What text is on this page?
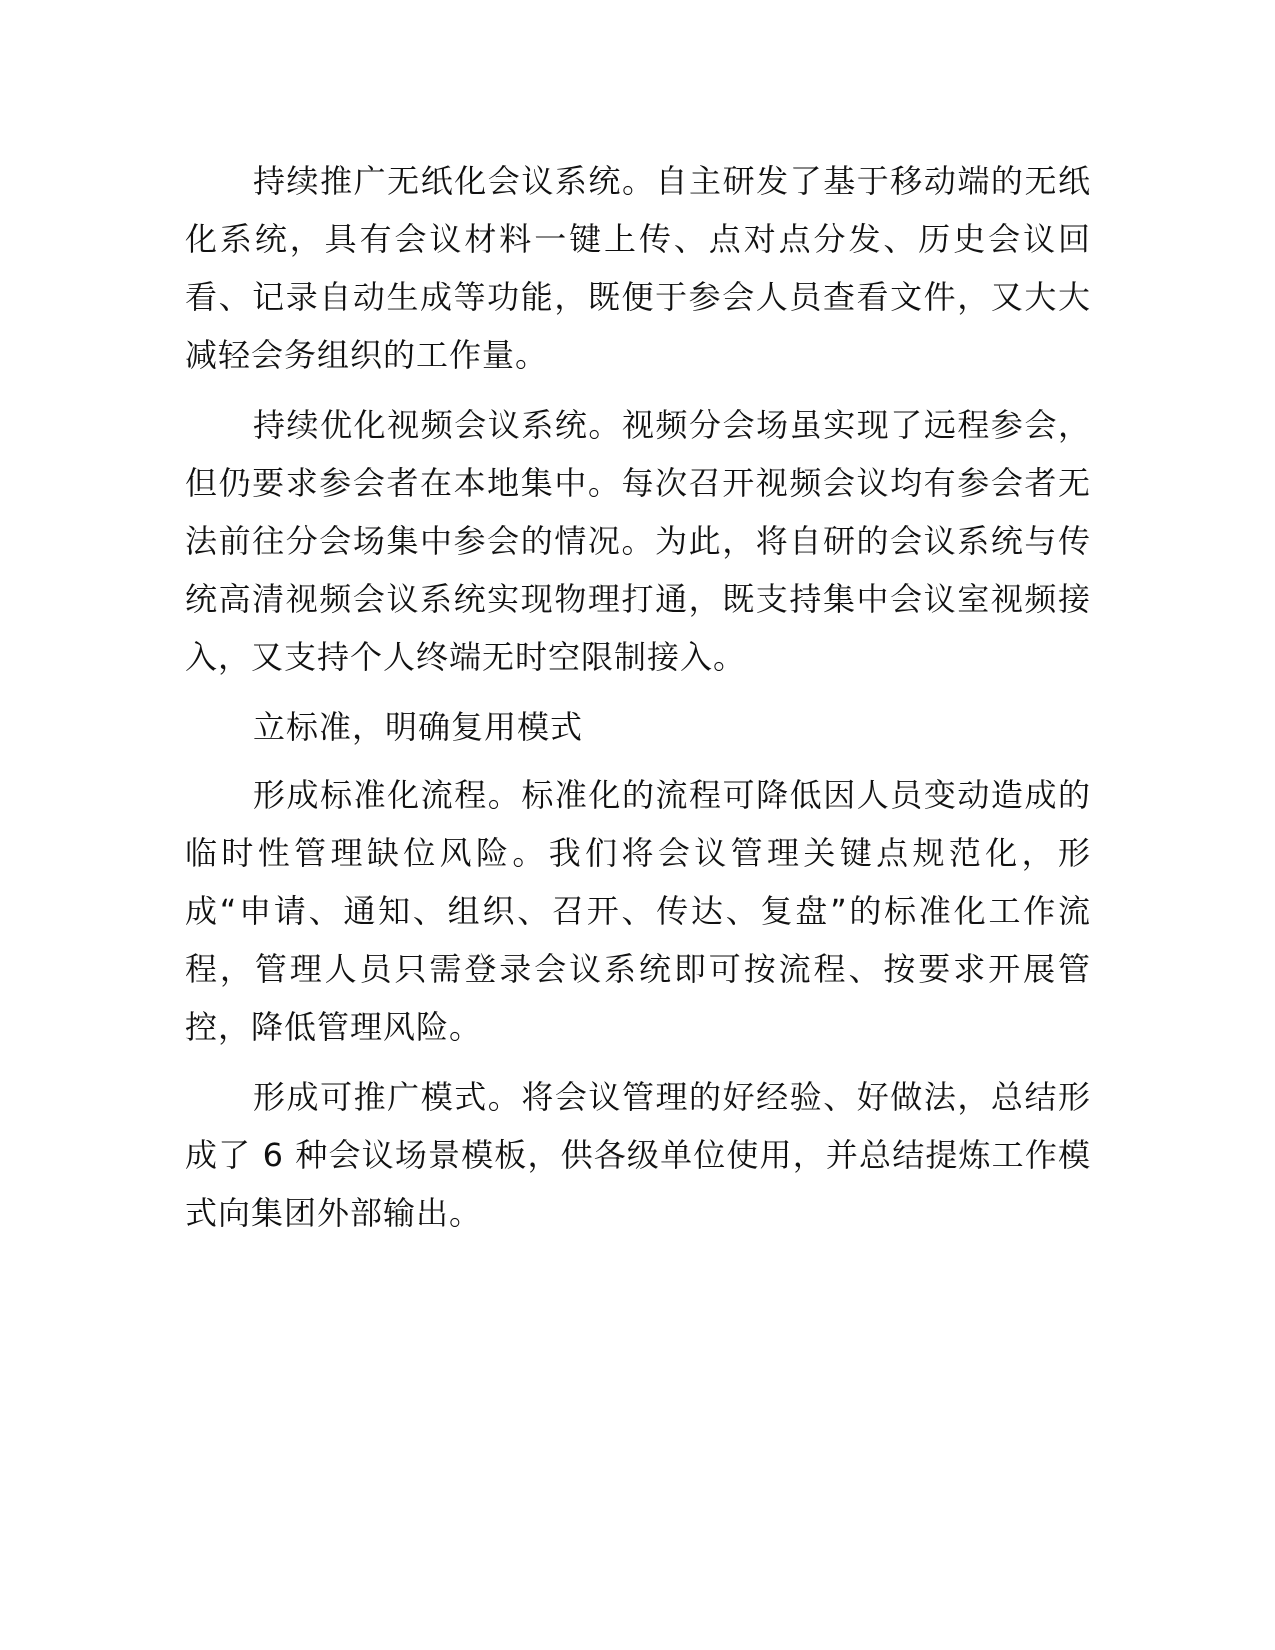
持续推广无纸化会议系统。自主研发了基于移动端的无纸化系统，具有会议材料一键上传、点对点分发、历史会议回看、记录自动生成等功能，既便于参会人员查看文件，又大大减轻会务组织的工作量。

持续优化视频会议系统。视频分会场虽实现了远程参会，但仍要求参会者在本地集中。每次召开视频会议均有参会者无法前往分会场集中参会的情况。为此，将自研的会议系统与传统高清视频会议系统实现物理打通，既支持集中会议室视频接入，又支持个人终端无时空限制接入。

立标准，明确复用模式

形成标准化流程。标准化的流程可降低因人员变动造成的临时性管理缺位风险。我们将会议管理关键点规范化，形成“申请、通知、组织、召开、传达、复盘”的标准化工作流程，管理人员只需登录会议系统即可按流程、按要求开展管控，降低管理风险。

形成可推广模式。将会议管理的好经验、好做法，总结形成了 6 种会议场景模板，供各级单位使用，并总结提炼工作模式向集团外部输出。
